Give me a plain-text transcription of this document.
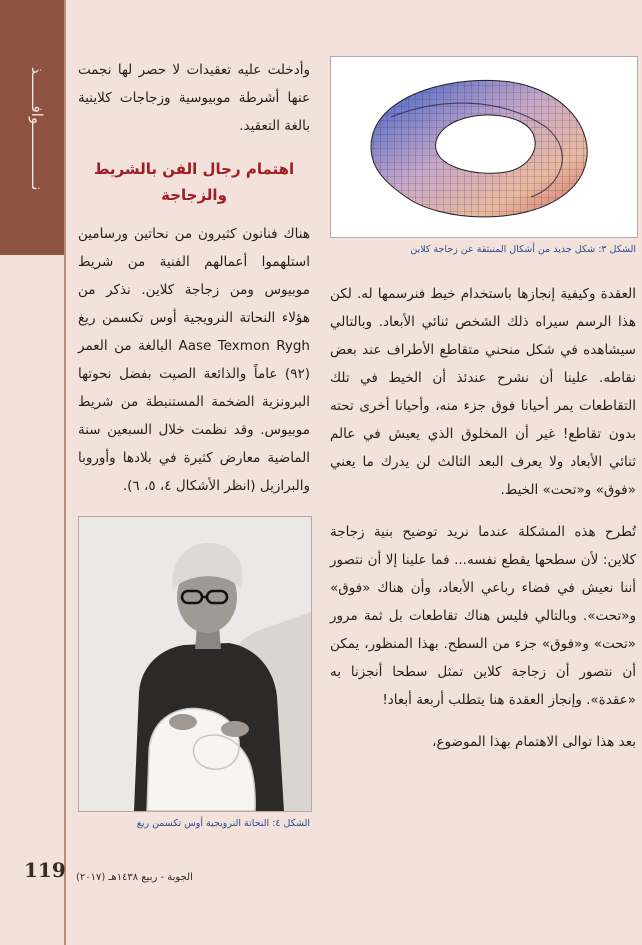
نــــــــــــــوافـــــــذ
الشكل ٣: شكل جديد من أشكال المنبثقة عن زجاجة كلاين

وأدخلت عليه تعقيدات لا حصر لها نجمت عنها أشرطة موبيوسية وزجاجات كلاينية بالغة التعقيد.

اهتمام رجال الفن بالشريط والزجاجة

هناك فنانون كثيرون من نحاتين ورسامين استلهموا أعمالهم الفنية من شريط موبيوس ومن زجاجة كلاين. نذكر من هؤلاء النحاتة النرويجية أوس تكسمن ريغ Aase Texmon Rygh البالغة من العمر (٩٢) عاماً والذائعة الصيت بفضل نحوتها البرونزية الضخمة المستنبطة من شريط موبيوس. وقد نظمت خلال السبعين سنة الماضية معارض كثيرة في بلادها وأوروبا والبرازيل (انظر الأشكال ٤، ٥، ٦).

الشكل ٤: النحاتة النرويجية أوس تكسمن ريغ

العقدة وكيفية إنجازها باستخدام خيط فنرسمها له. لكن هذا الرسم سيراه ذلك الشخص ثنائي الأبعاد. وبالتالي سيشاهده في شكل منحني متقاطع الأطراف عند بعض نقاطه. علينا أن نشرح عندئذ أن الخيط في تلك التقاطعات يمر أحيانا فوق جزء منه، وأحيانا أخرى تحته بدون تقاطع! غير أن المخلوق الذي يعيش في عالم ثنائي الأبعاد ولا يعرف البعد الثالث لن يدرك ما يعني «فوق» و«تحت» الخيط.

تُطرح هذه المشكلة عندما نريد توضيح بنية زجاجة كلاين: لأن سطحها يقطع نفسه... فما علينا إلا أن نتصور أننا نعيش في فضاء رباعي الأبعاد، وأن هناك «فوق» و«تحت». وبالتالي فليس هناك تقاطعات بل ثمة مرور «تحت» و«فوق» جزء من السطح. بهذا المنظور، يمكن أن نتصور أن زجاجة كلاين تمثل سطحا أنجزنا به «عقدة». وإنجاز العقدة هنا يتطلب أربعة أبعاد!

بعد هذا توالى الاهتمام بهذا الموضوع،

119 الجوبة - ربيع ١٤٣٨هـ (٢٠١٧)
